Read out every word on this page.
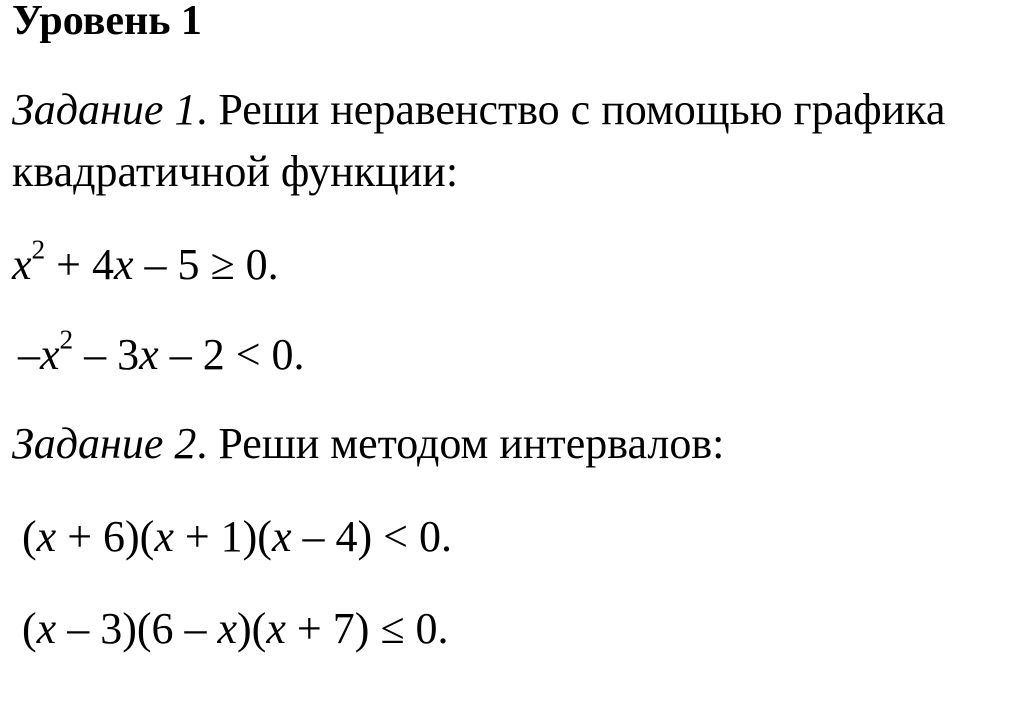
Уровень 1
Задание 1. Реши неравенство с помощью графика
квадратичной функции:
$x^2 + 4x - 5 \ge 0$.
$-x^2 - 3x - 2 < 0$.
Задание 2. Реши методом интервалов:
(x + 6)(x + 1)(x – 4) < 0.
(x – 3)(6 – x)(x + 7) ≤ 0.
